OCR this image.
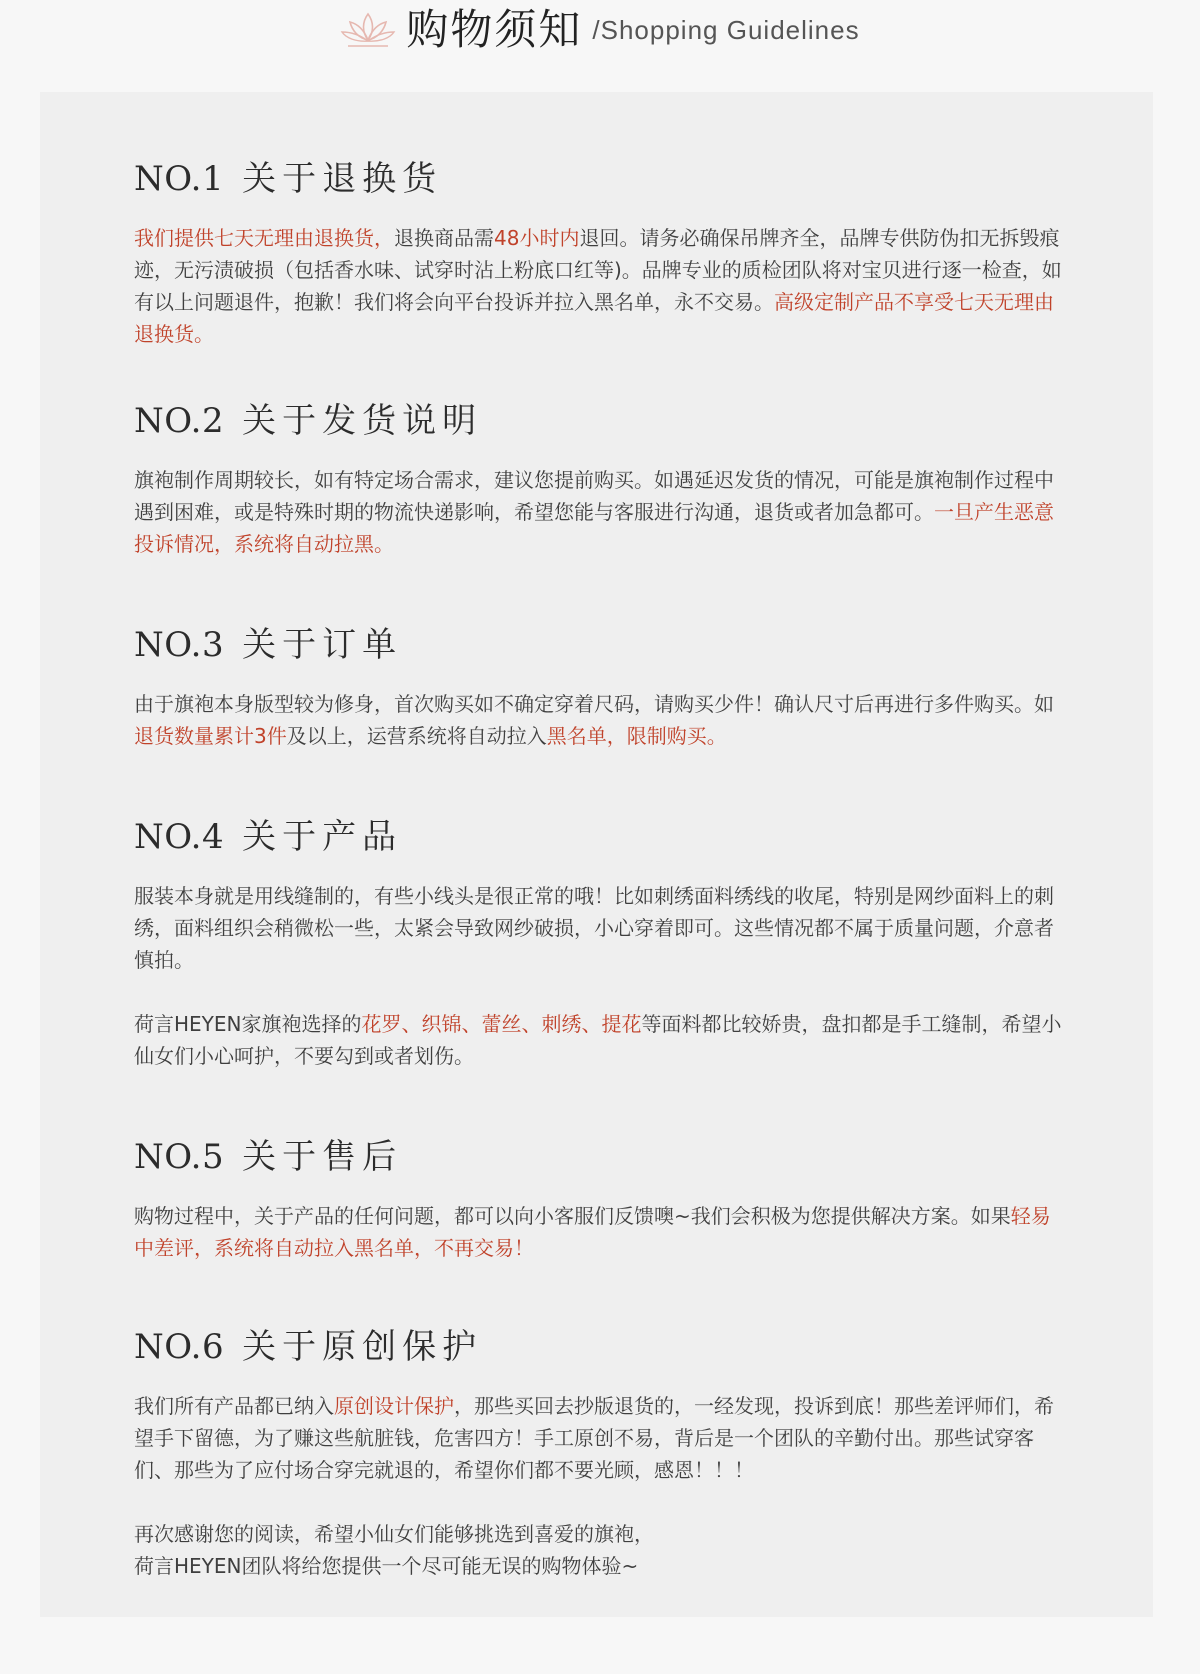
购物须知 /Shopping Guidelines
NO.1 关于退换货

我们提供七天无理由退换货，退换商品需48小时内退回。请务必确保吊牌齐全，品牌专供防伪扣无拆毁痕迹，无污渍破损（包括香水味、试穿时沾上粉底口红等)。品牌专业的质检团队将对宝贝进行逐一检查，如有以上问题退件，抱歉！我们将会向平台投诉并拉入黑名单，永不交易。高级定制产品不享受七天无理由退换货。

NO.2 关于发货说明

旗袍制作周期较长，如有特定场合需求，建议您提前购买。如遇延迟发货的情况，可能是旗袍制作过程中遇到困难，或是特殊时期的物流快递影响，希望您能与客服进行沟通，退货或者加急都可。一旦产生恶意投诉情况，系统将自动拉黑。

NO.3 关于订单

由于旗袍本身版型较为修身，首次购买如不确定穿着尺码，请购买少件！确认尺寸后再进行多件购买。如退货数量累计3件及以上，运营系统将自动拉入黑名单，限制购买。

NO.4 关于产品

服装本身就是用线缝制的，有些小线头是很正常的哦！比如刺绣面料绣线的收尾，特别是网纱面料上的刺绣，面料组织会稍微松一些，太紧会导致网纱破损，小心穿着即可。这些情况都不属于质量问题，介意者慎拍。

荷言HEYEN家旗袍选择的花罗、织锦、蕾丝、刺绣、提花等面料都比较娇贵，盘扣都是手工缝制，希望小仙女们小心呵护，不要勾到或者划伤。

NO.5 关于售后

购物过程中，关于产品的任何问题，都可以向小客服们反馈噢~我们会积极为您提供解决方案。如果轻易中差评，系统将自动拉入黑名单，不再交易！

NO.6 关于原创保护

我们所有产品都已纳入原创设计保护，那些买回去抄版退货的，一经发现，投诉到底！那些差评师们，希望手下留德，为了赚这些航脏钱，危害四方！手工原创不易，背后是一个团队的辛勤付出。那些试穿客们、那些为了应付场合穿完就退的，希望你们都不要光顾，感恩！！！

再次感谢您的阅读，希望小仙女们能够挑选到喜爱的旗袍，

荷言HEYEN团队将给您提供一个尽可能无误的购物体验~
